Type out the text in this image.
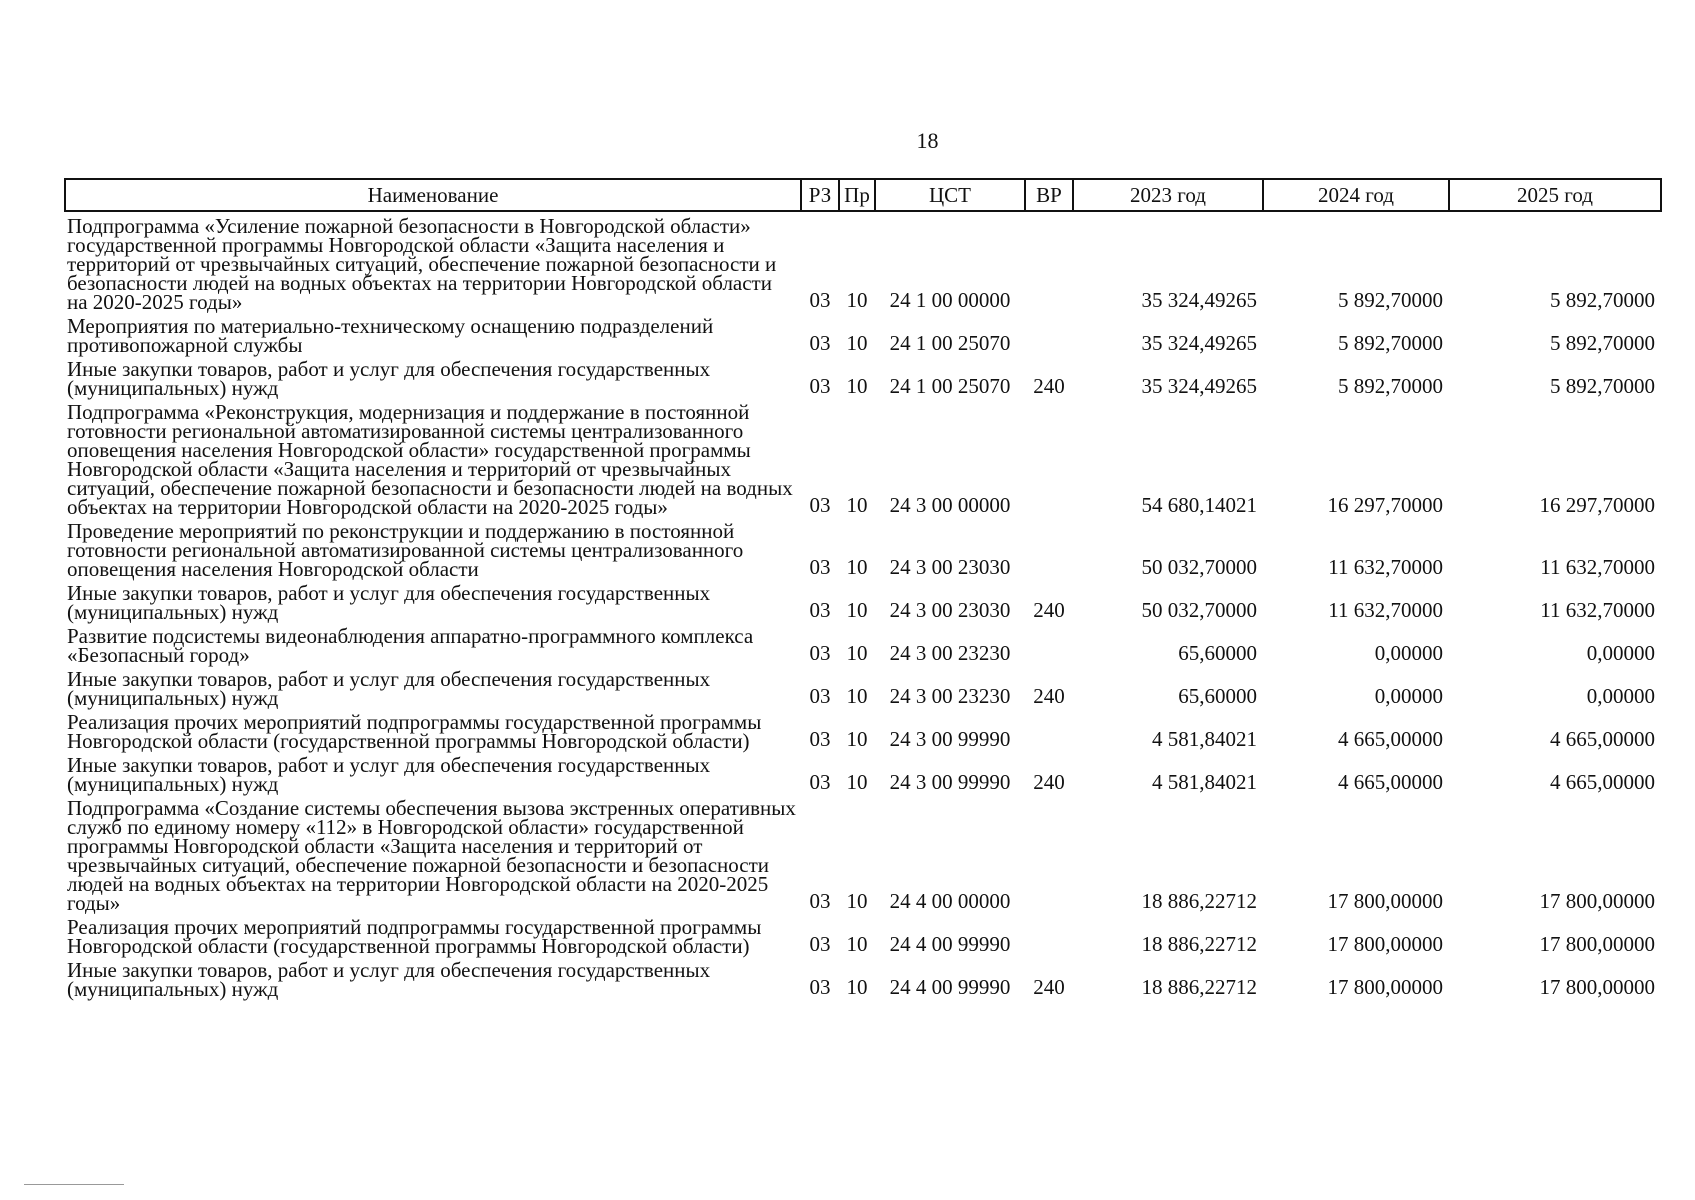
18
Наименование	РЗ	Пр	ЦСТ	ВР	2023 год	2024 год	2025 год
Подпрограмма «Усиление пожарной безопасности в Новгородской области» государственной программы Новгородской области «Защита населения и территорий от чрезвычайных ситуаций, обеспечение пожарной безопасности и безопасности людей на водных объектах на территории Новгородской области на 2020-2025 годы»	03	10	24 1 00 00000		35 324,49265	5 892,70000	5 892,70000
Мероприятия по материально-техническому оснащению подразделений противопожарной службы	03	10	24 1 00 25070		35 324,49265	5 892,70000	5 892,70000
Иные закупки товаров, работ и услуг для обеспечения государственных (муниципальных) нужд	03	10	24 1 00 25070	240	35 324,49265	5 892,70000	5 892,70000
Подпрограмма «Реконструкция, модернизация и поддержание в постоянной готовности региональной автоматизированной системы централизованного оповещения населения Новгородской области» государственной программы Новгородской области «Защита населения и территорий от чрезвычайных ситуаций, обеспечение пожарной безопасности и безопасности людей на водных объектах на территории Новгородской области на 2020-2025 годы»	03	10	24 3 00 00000		54 680,14021	16 297,70000	16 297,70000
Проведение мероприятий по реконструкции и поддержанию в постоянной готовности региональной автоматизированной системы централизованного оповещения населения Новгородской области	03	10	24 3 00 23030		50 032,70000	11 632,70000	11 632,70000
Иные закупки товаров, работ и услуг для обеспечения государственных (муниципальных) нужд	03	10	24 3 00 23030	240	50 032,70000	11 632,70000	11 632,70000
Развитие подсистемы видеонаблюдения аппаратно-программного комплекса «Безопасный город»	03	10	24 3 00 23230		65,60000	0,00000	0,00000
Иные закупки товаров, работ и услуг для обеспечения государственных (муниципальных) нужд	03	10	24 3 00 23230	240	65,60000	0,00000	0,00000
Реализация прочих мероприятий подпрограммы государственной программы Новгородской области (государственной программы Новгородской области)	03	10	24 3 00 99990		4 581,84021	4 665,00000	4 665,00000
Иные закупки товаров, работ и услуг для обеспечения государственных (муниципальных) нужд	03	10	24 3 00 99990	240	4 581,84021	4 665,00000	4 665,00000
Подпрограмма «Создание системы обеспечения вызова экстренных оперативных служб по единому номеру «112» в Новгородской области» государственной программы Новгородской области «Защита населения и территорий от чрезвычайных ситуаций, обеспечение пожарной безопасности и безопасности людей на водных объектах на территории Новгородской области на 2020-2025 годы»	03	10	24 4 00 00000		18 886,22712	17 800,00000	17 800,00000
Реализация прочих мероприятий подпрограммы государственной программы Новгородской области (государственной программы Новгородской области)	03	10	24 4 00 99990		18 886,22712	17 800,00000	17 800,00000
Иные закупки товаров, работ и услуг для обеспечения государственных (муниципальных) нужд	03	10	24 4 00 99990	240	18 886,22712	17 800,00000	17 800,00000
